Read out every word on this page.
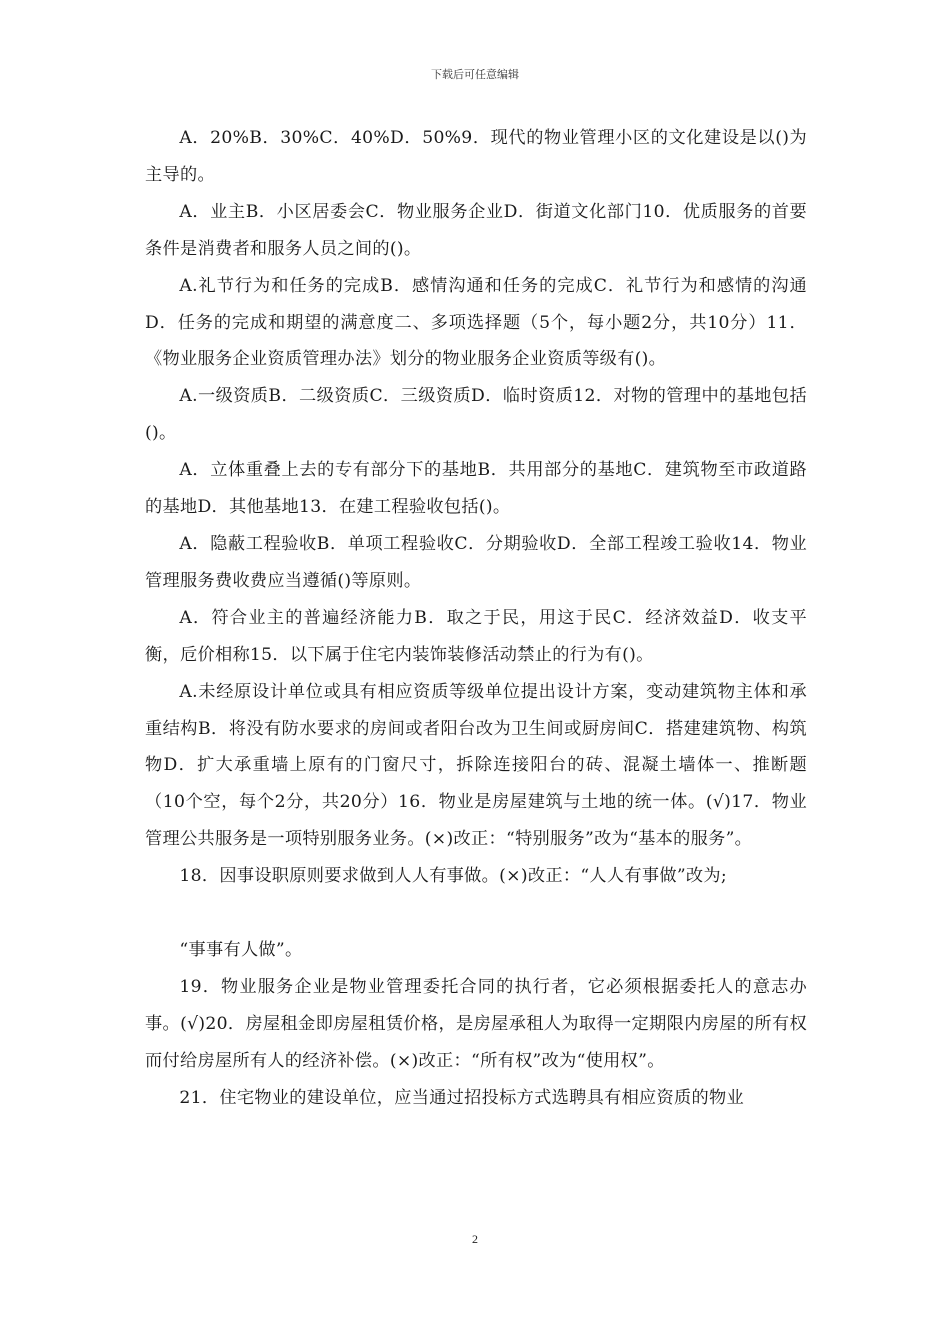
下载后可任意编辑

A．20%B．30%C．40%D．50%9．现代的物业管理小区的文化建设是以()为主导的。

A．业主B．小区居委会C．物业服务企业D．街道文化部门10．优质服务的首要条件是消费者和服务人员之间的()。

A.礼节行为和任务的完成B．感情沟通和任务的完成C．礼节行为和感情的沟通D．任务的完成和期望的满意度二、多项选择题（5个，每小题2分，共10分）11．《物业服务企业资质管理办法》划分的物业服务企业资质等级有()。

A.一级资质B．二级资质C．三级资质D．临时资质12．对物的管理中的基地包括()。

A．立体重叠上去的专有部分下的基地B．共用部分的基地C．建筑物至市政道路的基地D．其他基地13．在建工程验收包括()。

A．隐蔽工程验收B．单项工程验收C．分期验收D．全部工程竣工验收14．物业管理服务费收费应当遵循()等原则。

A．符合业主的普遍经济能力B．取之于民，用这于民C．经济效益D．收支平衡，卮价相称15．以下属于住宅内装饰装修活动禁止的行为有()。

A.未经原设计单位或具有相应资质等级单位提出设计方案，变动建筑物主体和承重结构B．将没有防水要求的房间或者阳台改为卫生间或厨房间C．搭建建筑物、构筑物D．扩大承重墙上原有的门窗尺寸，拆除连接阳台的砖、混凝土墙体一、推断题（10个空，每个2分，共20分）16．物业是房屋建筑与土地的统一体。(√)17．物业管理公共服务是一项特别服务业务。(×)改正：“特别服务”改为“基本的服务”。

18．因事设职原则要求做到人人有事做。(×)改正：“人人有事做”改为;

“事事有人做”。

19．物业服务企业是物业管理委托合同的执行者，它必须根据委托人的意志办事。(√)20．房屋租金即房屋租赁价格，是房屋承租人为取得一定期限内房屋的所有权而付给房屋所有人的经济补偿。(×)改正：“所有权”改为“使用权”。

21．住宅物业的建设单位，应当通过招投标方式选聘具有相应资质的物业

2
